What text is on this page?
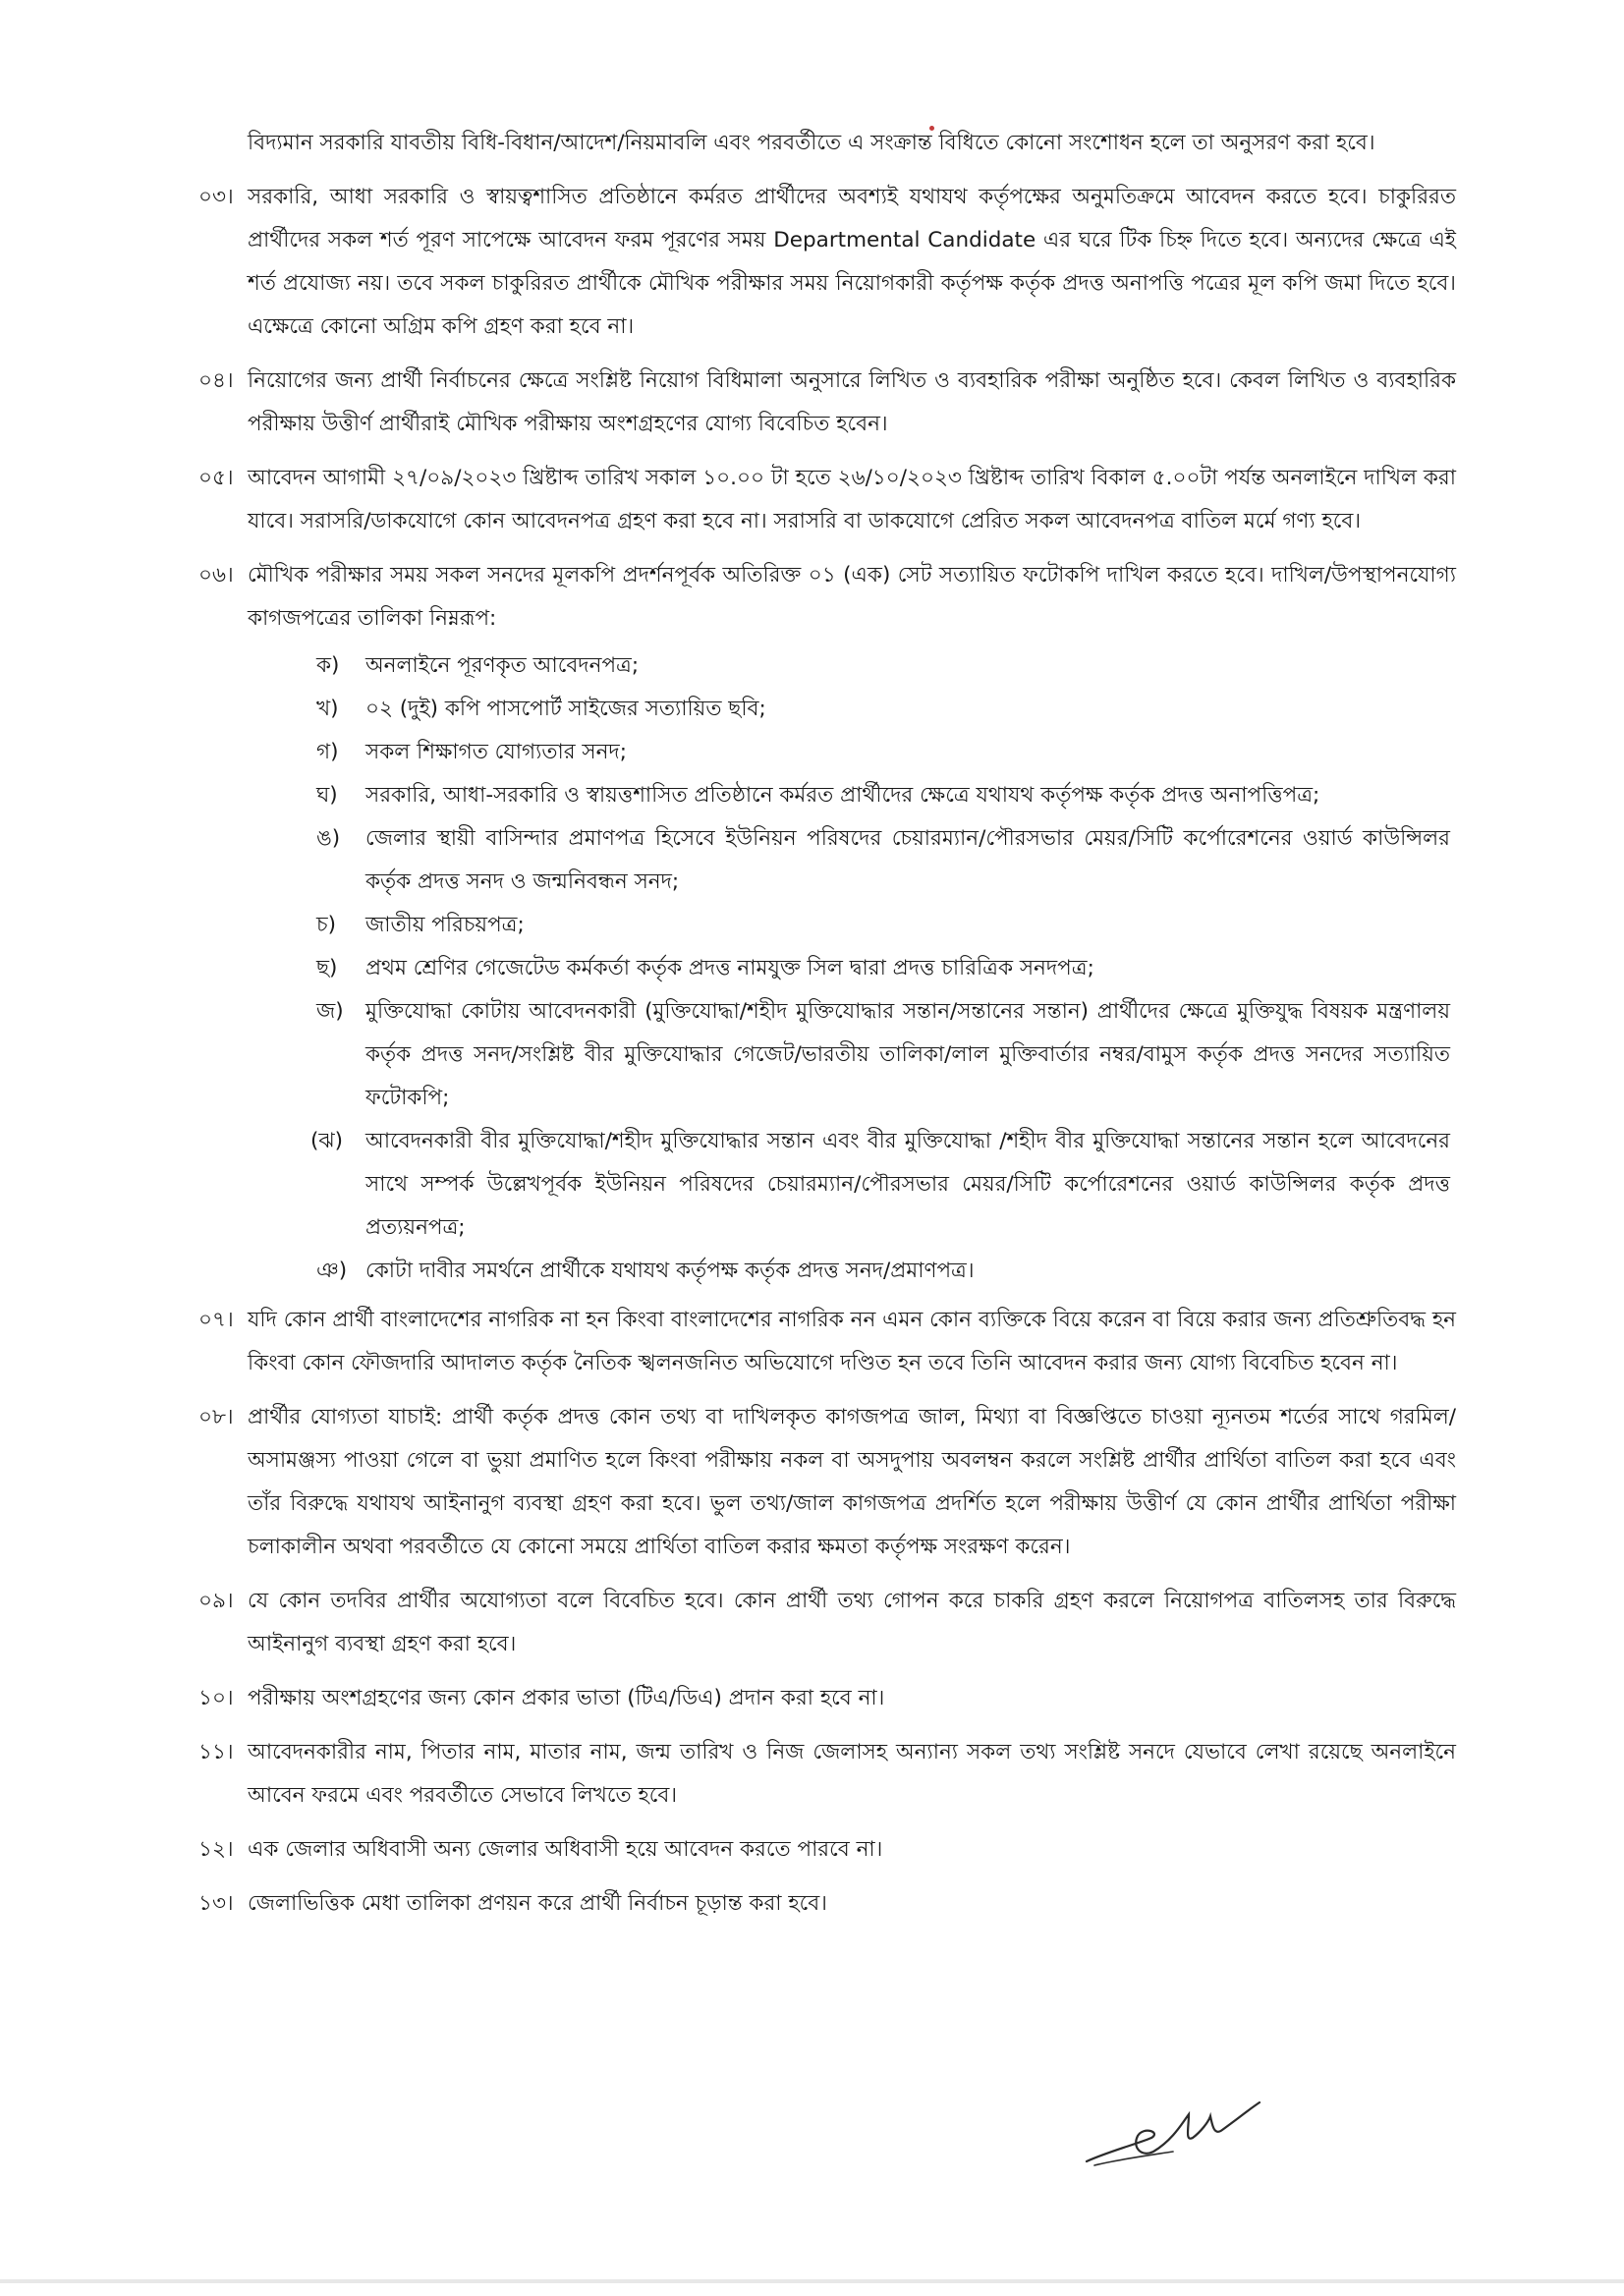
বিদ্যমান সরকারি যাবতীয় বিধি-বিধান/আদেশ/নিয়মাবলি এবং পরবর্তীতে এ সংক্রান্ত বিধিতে কোনো সংশোধন হলে তা অনুসরণ করা হবে।

০৩। সরকারি, আধা সরকারি ও স্বায়ত্বশাসিত প্রতিষ্ঠানে কর্মরত প্রার্থীদের অবশ্যই যথাযথ কর্তৃপক্ষের অনুমতিক্রমে আবেদন করতে হবে। চাকুরিরত প্রার্থীদের সকল শর্ত পূরণ সাপেক্ষে আবেদন ফরম পূরণের সময় Departmental Candidate এর ঘরে টিক চিহ্ন দিতে হবে। অন্যদের ক্ষেত্রে এই শর্ত প্রযোজ্য নয়। তবে সকল চাকুরিরত প্রার্থীকে মৌখিক পরীক্ষার সময় নিয়োগকারী কর্তৃপক্ষ কর্তৃক প্রদত্ত অনাপত্তি পত্রের মূল কপি জমা দিতে হবে। এক্ষেত্রে কোনো অগ্রিম কপি গ্রহণ করা হবে না।

০৪। নিয়োগের জন্য প্রার্থী নির্বাচনের ক্ষেত্রে সংশ্লিষ্ট নিয়োগ বিধিমালা অনুসারে লিখিত ও ব্যবহারিক পরীক্ষা অনুষ্ঠিত হবে। কেবল লিখিত ও ব্যবহারিক পরীক্ষায় উত্তীর্ণ প্রার্থীরাই মৌখিক পরীক্ষায় অংশগ্রহণের যোগ্য বিবেচিত হবেন।

০৫। আবেদন আগামী ২৭/০৯/২০২৩ খ্রিষ্টাব্দ তারিখ সকাল ১০.০০ টা হতে ২৬/১০/২০২৩ খ্রিষ্টাব্দ তারিখ বিকাল ৫.০০টা পর্যন্ত অনলাইনে দাখিল করা যাবে। সরাসরি/ডাকযোগে কোন আবেদনপত্র গ্রহণ করা হবে না। সরাসরি বা ডাকযোগে প্রেরিত সকল আবেদনপত্র বাতিল মর্মে গণ্য হবে।

০৬। মৌখিক পরীক্ষার সময় সকল সনদের মূলকপি প্রদর্শনপূর্বক অতিরিক্ত ০১ (এক) সেট সত্যায়িত ফটোকপি দাখিল করতে হবে। দাখিল/উপস্থাপনযোগ্য কাগজপত্রের তালিকা নিম্নরূপ:

ক) অনলাইনে পূরণকৃত আবেদনপত্র;
খ) ০২ (দুই) কপি পাসপোর্ট সাইজের সত্যায়িত ছবি;
গ) সকল শিক্ষাগত যোগ্যতার সনদ;
ঘ) সরকারি, আধা-সরকারি ও স্বায়ত্তশাসিত প্রতিষ্ঠানে কর্মরত প্রার্থীদের ক্ষেত্রে যথাযথ কর্তৃপক্ষ কর্তৃক প্রদত্ত অনাপত্তিপত্র;
ঙ) জেলার স্থায়ী বাসিন্দার প্রমাণপত্র হিসেবে ইউনিয়ন পরিষদের চেয়ারম্যান/পৌরসভার মেয়র/সিটি কর্পোরেশনের ওয়ার্ড কাউন্সিলর কর্তৃক প্রদত্ত সনদ ও জন্মনিবন্ধন সনদ;
চ) জাতীয় পরিচয়পত্র;
ছ) প্রথম শ্রেণির গেজেটেড কর্মকর্তা কর্তৃক প্রদত্ত নামযুক্ত সিল দ্বারা প্রদত্ত চারিত্রিক সনদপত্র;
জ) মুক্তিযোদ্ধা কোটায় আবেদনকারী (মুক্তিযোদ্ধা/শহীদ মুক্তিযোদ্ধার সন্তান/সন্তানের সন্তান) প্রার্থীদের ক্ষেত্রে মুক্তিযুদ্ধ বিষয়ক মন্ত্রণালয় কর্তৃক প্রদত্ত সনদ/সংশ্লিষ্ট বীর মুক্তিযোদ্ধার গেজেট/ভারতীয় তালিকা/লাল মুক্তিবার্তার নম্বর/বামুস কর্তৃক প্রদত্ত সনদের সত্যায়িত ফটোকপি;
(ঝ) আবেদনকারী বীর মুক্তিযোদ্ধা/শহীদ মুক্তিযোদ্ধার সন্তান এবং বীর মুক্তিযোদ্ধা /শহীদ বীর মুক্তিযোদ্ধা সন্তানের সন্তান হলে আবেদনের সাথে সম্পর্ক উল্লেখপূর্বক ইউনিয়ন পরিষদের চেয়ারম্যান/পৌরসভার মেয়র/সিটি কর্পোরেশনের ওয়ার্ড কাউন্সিলর কর্তৃক প্রদত্ত প্রত্যয়নপত্র;
ঞ) কোটা দাবীর সমর্থনে প্রার্থীকে যথাযথ কর্তৃপক্ষ কর্তৃক প্রদত্ত সনদ/প্রমাণপত্র।

০৭। যদি কোন প্রার্থী বাংলাদেশের নাগরিক না হন কিংবা বাংলাদেশের নাগরিক নন এমন কোন ব্যক্তিকে বিয়ে করেন বা বিয়ে করার জন্য প্রতিশ্রুতিবদ্ধ হন কিংবা কোন ফৌজদারি আদালত কর্তৃক নৈতিক স্খলনজনিত অভিযোগে দণ্ডিত হন তবে তিনি আবেদন করার জন্য যোগ্য বিবেচিত হবেন না।

০৮। প্রার্থীর যোগ্যতা যাচাই: প্রার্থী কর্তৃক প্রদত্ত কোন তথ্য বা দাখিলকৃত কাগজপত্র জাল, মিথ্যা বা বিজ্ঞপ্তিতে চাওয়া ন্যূনতম শর্তের সাথে গরমিল/অসামঞ্জস্য পাওয়া গেলে বা ভুয়া প্রমাণিত হলে কিংবা পরীক্ষায় নকল বা অসদুপায় অবলম্বন করলে সংশ্লিষ্ট প্রার্থীর প্রার্থিতা বাতিল করা হবে এবং তাঁর বিরুদ্ধে যথাযথ আইনানুগ ব্যবস্থা গ্রহণ করা হবে। ভুল তথ্য/জাল কাগজপত্র প্রদর্শিত হলে পরীক্ষায় উত্তীর্ণ যে কোন প্রার্থীর প্রার্থিতা পরীক্ষা চলাকালীন অথবা পরবর্তীতে যে কোনো সময়ে প্রার্থিতা বাতিল করার ক্ষমতা কর্তৃপক্ষ সংরক্ষণ করেন।

০৯। যে কোন তদবির প্রার্থীর অযোগ্যতা বলে বিবেচিত হবে। কোন প্রার্থী তথ্য গোপন করে চাকরি গ্রহণ করলে নিয়োগপত্র বাতিলসহ তার বিরুদ্ধে আইনানুগ ব্যবস্থা গ্রহণ করা হবে।

১০। পরীক্ষায় অংশগ্রহণের জন্য কোন প্রকার ভাতা (টিএ/ডিএ) প্রদান করা হবে না।

১১। আবেদনকারীর নাম, পিতার নাম, মাতার নাম, জন্ম তারিখ ও নিজ জেলাসহ অন্যান্য সকল তথ্য সংশ্লিষ্ট সনদে যেভাবে লেখা রয়েছে অনলাইনে আবেন ফরমে এবং পরবর্তীতে সেভাবে লিখতে হবে।

১২। এক জেলার অধিবাসী অন্য জেলার অধিবাসী হয়ে আবেদন করতে পারবে না।

১৩। জেলাভিত্তিক মেধা তালিকা প্রণয়ন করে প্রার্থী নির্বাচন চূড়ান্ত করা হবে।
